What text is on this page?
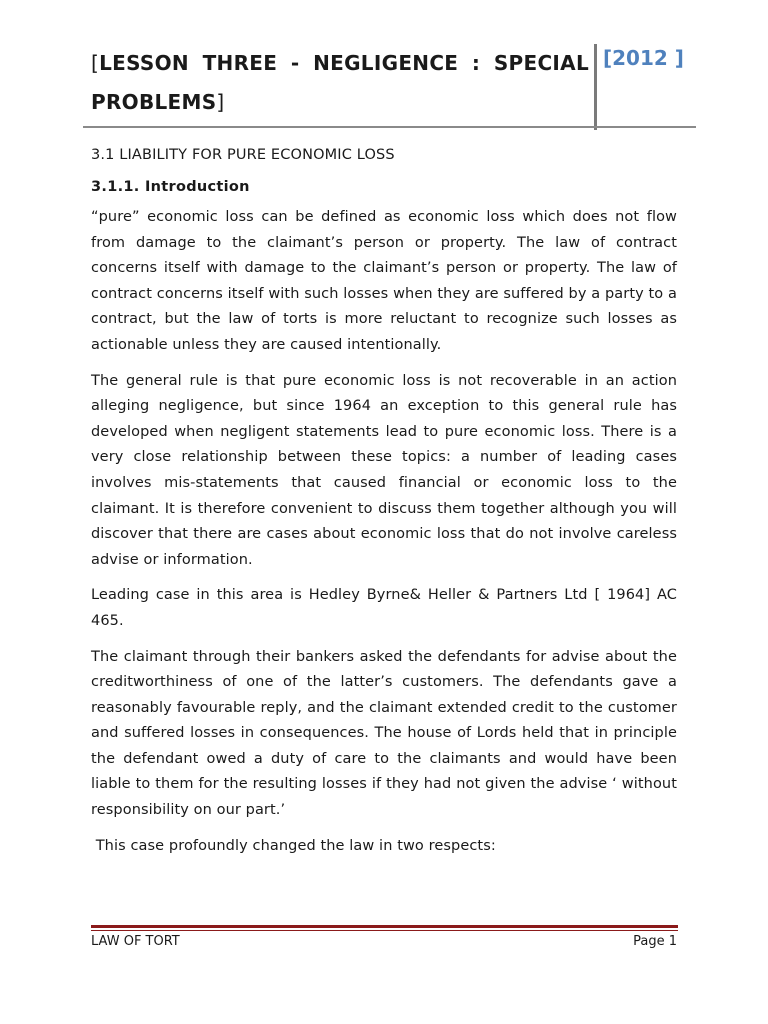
[LESSON THREE - NEGLIGENCE : SPECIAL PROBLEMS]

[2012 ]

3.1 LIABILITY FOR PURE ECONOMIC LOSS
3.1.1. Introduction

“pure” economic loss can be defined as economic loss which does not flow from damage to the claimant’s person or property. The law of contract concerns itself with damage to the claimant’s person or property. The law of contract concerns itself with such losses when they are suffered by a party to a contract, but the law of torts is more reluctant to recognize such losses as actionable unless they are caused intentionally.

The general rule is that pure economic loss is not recoverable in an action alleging negligence, but since 1964 an exception to this general rule has developed when negligent statements lead to pure economic loss. There is a very close relationship between these topics: a number of leading cases involves mis-statements that caused financial or economic loss to the claimant. It is therefore convenient to discuss them together although you will discover that there are cases about economic loss that do not involve careless advise or information.

Leading case in this area is Hedley Byrne& Heller & Partners Ltd [ 1964] AC 465.

The claimant through their bankers asked the defendants for advise about the creditworthiness of one of the latter’s customers. The defendants gave a reasonably favourable reply, and the claimant extended credit to the customer and suffered losses in consequences. The house of Lords held that in principle the defendant owed a duty of care to the claimants and would have been liable to them for the resulting losses if they had not given the advise ‘ without responsibility on our part.’

This case profoundly changed the law in two respects:

LAW OF TORT	Page 1
